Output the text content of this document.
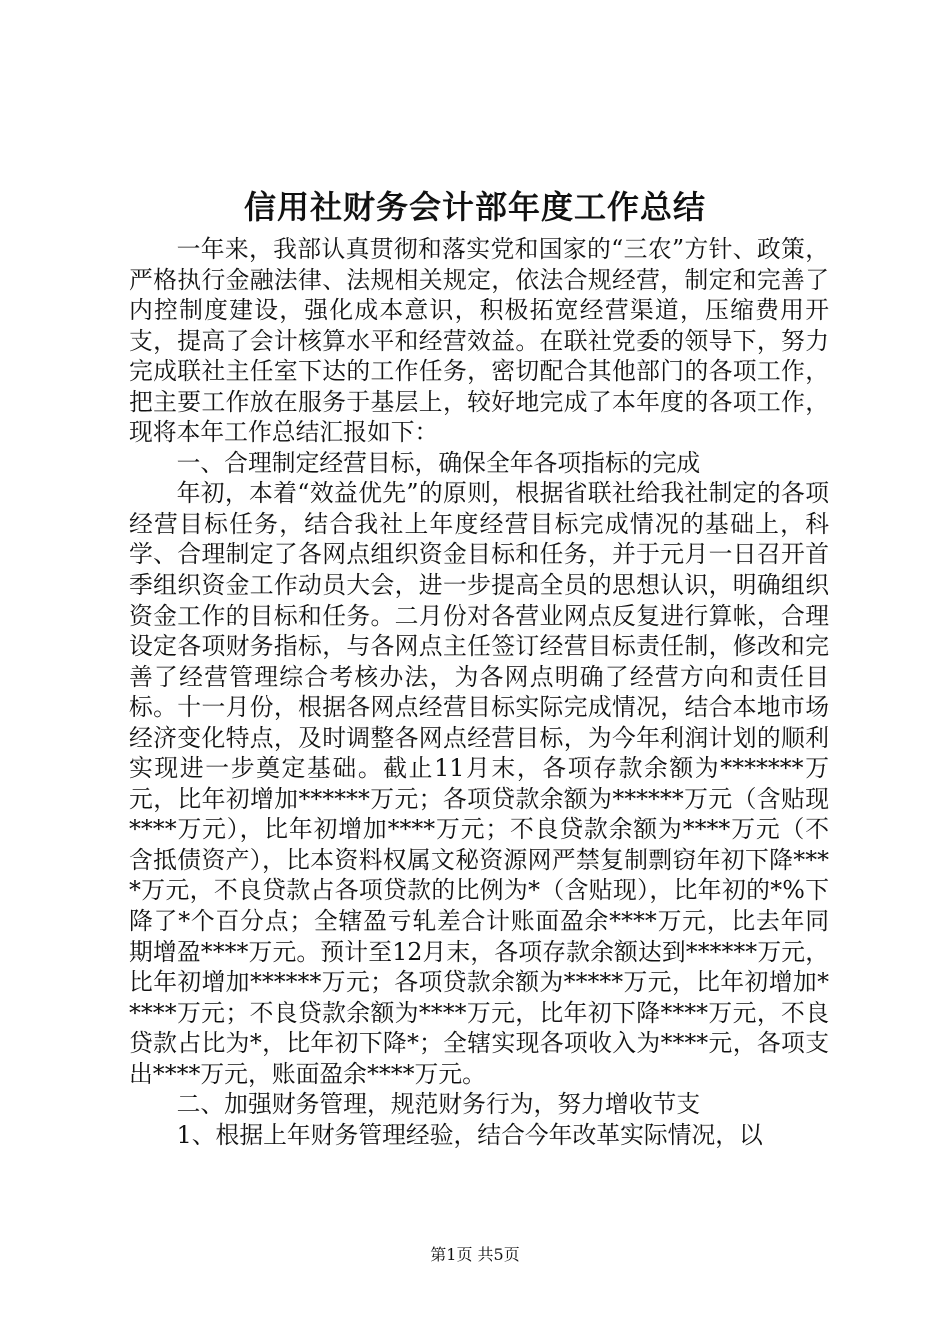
信用社财务会计部年度工作总结

一年来，我部认真贯彻和落实党和国家的“三农”方针、政策，严格执行金融法律、法规相关规定，依法合规经营，制定和完善了内控制度建设，强化成本意识，积极拓宽经营渠道，压缩费用开支，提高了会计核算水平和经营效益。在联社党委的领导下，努力完成联社主任室下达的工作任务，密切配合其他部门的各项工作，把主要工作放在服务于基层上，较好地完成了本年度的各项工作，现将本年工作总结汇报如下：

一、合理制定经营目标，确保全年各项指标的完成

年初，本着“效益优先”的原则，根据省联社给我社制定的各项经营目标任务，结合我社上年度经营目标完成情况的基础上，科学、合理制定了各网点组织资金目标和任务，并于元月一日召开首季组织资金工作动员大会，进一步提高全员的思想认识，明确组织资金工作的目标和任务。二月份对各营业网点反复进行算帐，合理设定各项财务指标，与各网点主任签订经营目标责任制，修改和完善了经营管理综合考核办法，为各网点明确了经营方向和责任目标。十一月份，根据各网点经营目标实际完成情况，结合本地市场经济变化特点，及时调整各网点经营目标，为今年利润计划的顺利实现进一步奠定基础。截止11月末，各项存款余额为*******万元，比年初增加******万元；各项贷款余额为******万元（含贴现****万元），比年初增加****万元；不良贷款余额为****万元（不含抵债资产），比本资料权属文秘资源网严禁复制剽窃年初下降****万元，不良贷款占各项贷款的比例为*（含贴现），比年初的*%下降了*个百分点；全辖盈亏轧差合计账面盈余****万元，比去年同期增盈****万元。预计至12月末，各项存款余额达到******万元，比年初增加******万元；各项贷款余额为*****万元，比年初增加*****万元；不良贷款余额为****万元，比年初下降****万元，不良贷款占比为*，比年初下降*；全辖实现各项收入为****元，各项支出****万元，账面盈余****万元。

二、加强财务管理，规范财务行为，努力增收节支

1、根据上年财务管理经验，结合今年改革实际情况，以

第1页 共5页
